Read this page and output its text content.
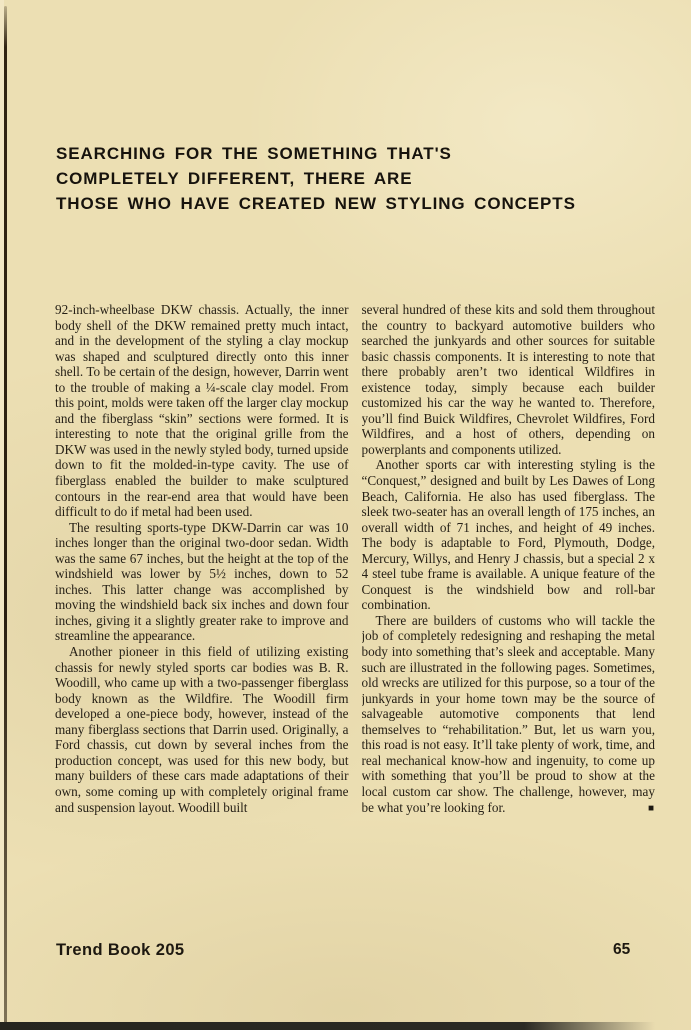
SEARCHING FOR THE SOMETHING THAT'S
COMPLETELY DIFFERENT, THERE ARE
THOSE WHO HAVE CREATED NEW STYLING CONCEPTS

92-inch-wheelbase DKW chassis. Actually, the inner body shell of the DKW remained pretty much intact, and in the development of the styling a clay mockup was shaped and sculptured directly onto this inner shell. To be certain of the design, however, Darrin went to the trouble of making a ¼-scale clay model. From this point, molds were taken off the larger clay mockup and the fiberglass “skin” sections were formed. It is interesting to note that the original grille from the DKW was used in the newly styled body, turned upside down to fit the molded-in-type cavity. The use of fiberglass enabled the builder to make sculptured contours in the rear-end area that would have been difficult to do if metal had been used.

The resulting sports-type DKW-Darrin car was 10 inches longer than the original two-door sedan. Width was the same 67 inches, but the height at the top of the windshield was lower by 5½ inches, down to 52 inches. This latter change was accomplished by moving the windshield back six inches and down four inches, giving it a slightly greater rake to improve and streamline the appearance.

Another pioneer in this field of utilizing existing chassis for newly styled sports car bodies was B. R. Woodill, who came up with a two-passenger fiberglass body known as the Wildfire. The Woodill firm developed a one-piece body, however, instead of the many fiberglass sections that Darrin used. Originally, a Ford chassis, cut down by several inches from the production concept, was used for this new body, but many builders of these cars made adaptations of their own, some coming up with completely original frame and suspension layout. Woodill built

several hundred of these kits and sold them throughout the country to backyard automotive builders who searched the junkyards and other sources for suitable basic chassis components. It is interesting to note that there probably aren’t two identical Wildfires in existence today, simply because each builder customized his car the way he wanted to. Therefore, you’ll find Buick Wildfires, Chevrolet Wildfires, Ford Wildfires, and a host of others, depending on powerplants and components utilized.

Another sports car with interesting styling is the “Conquest,” designed and built by Les Dawes of Long Beach, California. He also has used fiberglass. The sleek two-seater has an overall length of 175 inches, an overall width of 71 inches, and height of 49 inches. The body is adaptable to Ford, Plymouth, Dodge, Mercury, Willys, and Henry J chassis, but a special 2 x 4 steel tube frame is available. A unique feature of the Conquest is the windshield bow and roll-bar combination.

There are builders of customs who will tackle the job of completely redesigning and reshaping the metal body into something that’s sleek and acceptable. Many such are illustrated in the following pages. Sometimes, old wrecks are utilized for this purpose, so a tour of the junkyards in your home town may be the source of salvageable automotive components that lend themselves to “rehabilitation.” But, let us warn you, this road is not easy. It’ll take plenty of work, time, and real mechanical know-how and ingenuity, to come up with something that you’ll be proud to show at the local custom car show. The challenge, however, may be what you’re looking for.	■

Trend Book 205	65
